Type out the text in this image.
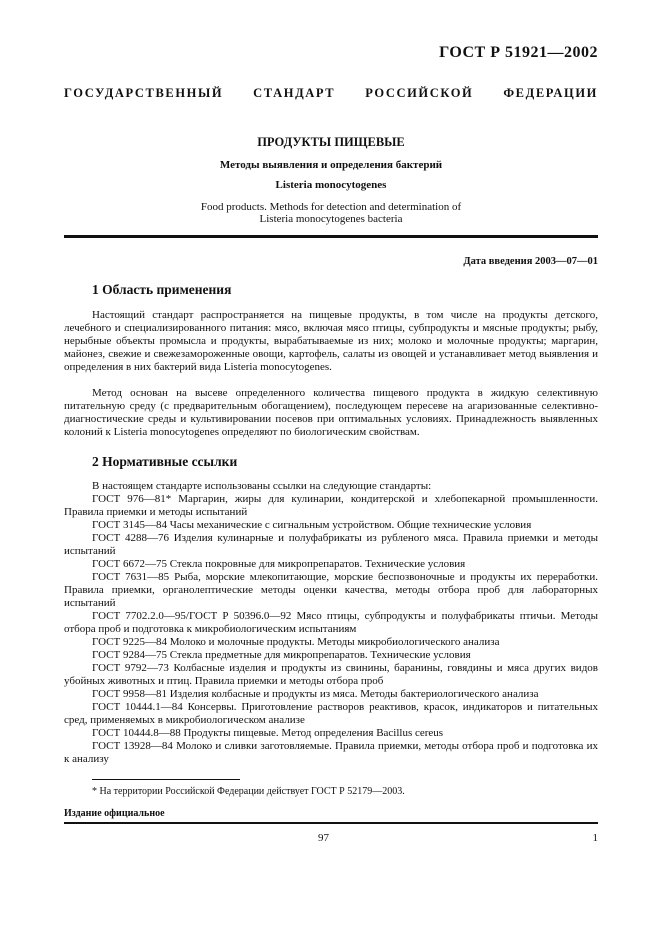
ГОСТ Р 51921—2002
ГОСУДАРСТВЕННЫЙ СТАНДАРТ РОССИЙСКОЙ ФЕДЕРАЦИИ
ПРОДУКТЫ ПИЩЕВЫЕ
Методы выявления и определения бактерий
Listeria monocytogenes
Food products. Methods for detection and determination of
Listeria monocytogenes bacteria
Дата введения 2003—07—01
1 Область применения
Настоящий стандарт распространяется на пищевые продукты, в том числе на продукты детского, лечебного и специализированного питания: мясо, включая мясо птицы, субпродукты и мясные продукты; рыбу, нерыбные объекты промысла и продукты, вырабатываемые из них; молоко и молочные продукты; маргарин, майонез, свежие и свежезамороженные овощи, картофель, салаты из овощей и устанавливает метод выявления и определения в них бактерий вида Listeria monocytogenes.
Метод основан на высеве определенного количества пищевого продукта в жидкую селективную питательную среду (с предварительным обогащением), последующем пересеве на агаризованные селективно-диагностические среды и культивировании посевов при оптимальных условиях. Принадлежность выявленных колоний к Listeria monocytogenes определяют по биологическим свойствам.
2 Нормативные ссылки

В настоящем стандарте использованы ссылки на следующие стандарты:

ГОСТ 976—81* Маргарин, жиры для кулинарии, кондитерской и хлебопекарной промышленности. Правила приемки и методы испытаний

ГОСТ 3145—84 Часы механические с сигнальным устройством. Общие технические условия

ГОСТ 4288—76 Изделия кулинарные и полуфабрикаты из рубленого мяса. Правила приемки и методы испытаний

ГОСТ 6672—75 Стекла покровные для микропрепаратов. Технические условия

ГОСТ 7631—85 Рыба, морские млекопитающие, морские беспозвоночные и продукты их переработки. Правила приемки, органолептические методы оценки качества, методы отбора проб для лабораторных испытаний

ГОСТ 7702.2.0—95/ГОСТ Р 50396.0—92 Мясо птицы, субпродукты и полуфабрикаты птичьи. Методы отбора проб и подготовка к микробиологическим испытаниям

ГОСТ 9225—84 Молоко и молочные продукты. Методы микробиологического анализа

ГОСТ 9284—75 Стекла предметные для микропрепаратов. Технические условия

ГОСТ 9792—73 Колбасные изделия и продукты из свинины, баранины, говядины и мяса других видов убойных животных и птиц. Правила приемки и методы отбора проб

ГОСТ 9958—81 Изделия колбасные и продукты из мяса. Методы бактериологического анализа

ГОСТ 10444.1—84 Консервы. Приготовление растворов реактивов, красок, индикаторов и питательных сред, применяемых в микробиологическом анализе

ГОСТ 10444.8—88 Продукты пищевые. Метод определения Bacillus cereus

ГОСТ 13928—84 Молоко и сливки заготовляемые. Правила приемки, методы отбора проб и подготовка их к анализу

* На территории Российской Федерации действует ГОСТ Р 52179—2003.
Издание официальное
97	1
